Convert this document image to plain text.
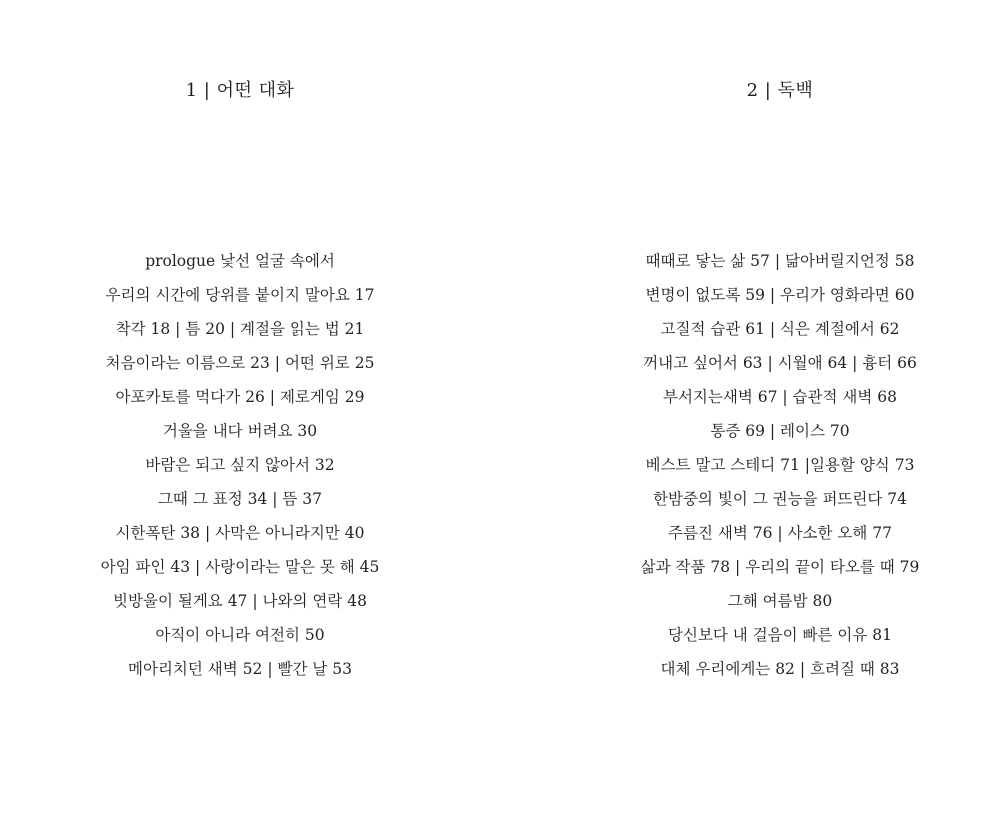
1 | 어떤 대화
prologue 낯선 얼굴 속에서
우리의 시간에 당위를 붙이지 말아요 17
착각 18 | 틈 20 | 계절을 읽는 법 21
처음이라는 이름으로 23 | 어떤 위로 25
아포카토를 먹다가 26 | 제로게임 29
거울을 내다 버려요 30
바람은 되고 싶지 않아서 32
그때 그 표정 34 | 뜸 37
시한폭탄 38 | 사막은 아니라지만 40
아임 파인 43 | 사랑이라는 말은 못 해 45
빗방울이 될게요 47 | 나와의 연락 48
아직이 아니라 여전히 50
메아리치던 새벽 52 | 빨간 날 53
2 | 독백
때때로 닿는 삶 57 | 닮아버릴지언정 58
변명이 없도록 59 | 우리가 영화라면 60
고질적 습관 61 | 식은 계절에서 62
꺼내고 싶어서 63 | 시월애 64 | 흉터 66
부서지는새벽 67 | 습관적 새벽 68
통증 69 | 레이스 70
베스트 말고 스테디 71 |일용할 양식 73
한밤중의 빛이 그 권능을 퍼뜨린다 74
주름진 새벽 76 | 사소한 오해 77
삶과 작품 78 | 우리의 끝이 타오를 때 79
그해 여름밤 80
당신보다 내 걸음이 빠른 이유 81
대체 우리에게는 82 | 흐려질 때 83
